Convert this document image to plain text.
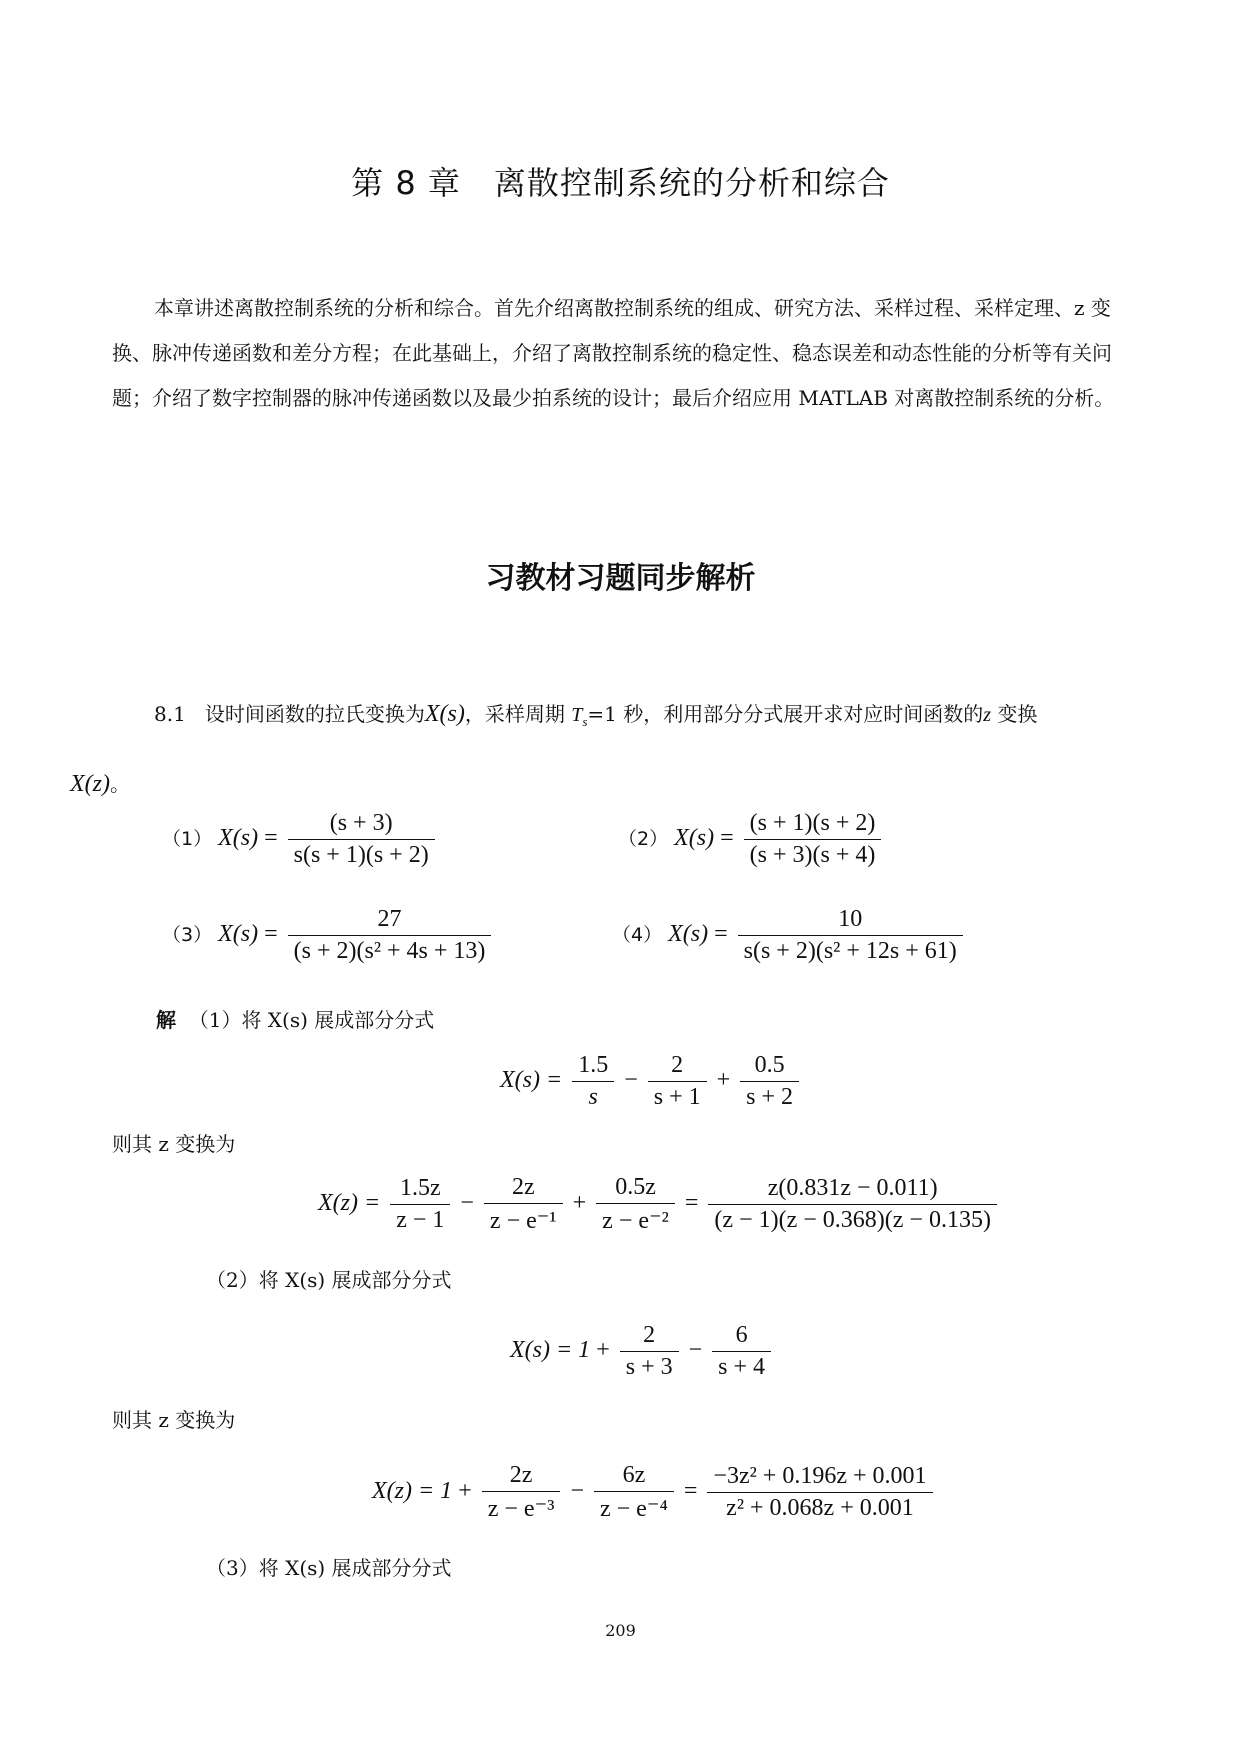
第 8 章　离散控制系统的分析和综合
本章讲述离散控制系统的分析和综合。首先介绍离散控制系统的组成、研究方法、采样过程、采样定理、z 变换、脉冲传递函数和差分方程；在此基础上，介绍了离散控制系统的稳定性、稳态误差和动态性能的分析等有关问题；介绍了数字控制器的脉冲传递函数以及最少拍系统的设计；最后介绍应用 MATLAB 对离散控制系统的分析。
习教材习题同步解析
8.1 设时间函数的拉氏变换为X(s)，采样周期 $T_s=1$ 秒，利用部分分式展开求对应时间函数的z 变换
X(z)。
（1） $X(s) = \frac{(s + 3)}{s(s + 1)(s + 2)}$	（2） $X(s) = \frac{(s + 1)(s + 2)}{(s + 3)(s + 4)}$
（3） $X(s) = \frac{27}{\text{(s + 2)(s² + 4s + 13)}}$	（4） $X(s) = \frac{10}{\text{s(s + 2)(s² + 12s + 61)}}$
解 （1）将 X(s) 展成部分分式
$X(s) = \frac{1.5}{s} - \frac{2}{s + 1} + \frac{0.5}{s + 2}$
则其 z 变换为
$X(z) = \frac{1.5z}{z - 1} - \frac{2z}{\text{z − e⁻¹}} + \frac{0.5z}{\text{z − e⁻²}} = \frac{z(0.831z - 0.011)}{(z - 1)(z - 0.368)(z - 0.135)}$
（2）将 X(s) 展成部分分式
$X(s) = 1 + \frac{2}{s + 3} - \frac{6}{s + 4}$
则其 z 变换为
$X(z) = 1 + \frac{2z}{\text{z − e⁻³}} - \frac{6z}{\text{z − e⁻⁴}} = \frac{\text{−3z² + 0.196z + 0.001}}{\text{z² + 0.068z + 0.001}}$
（3）将 X(s) 展成部分分式
209
